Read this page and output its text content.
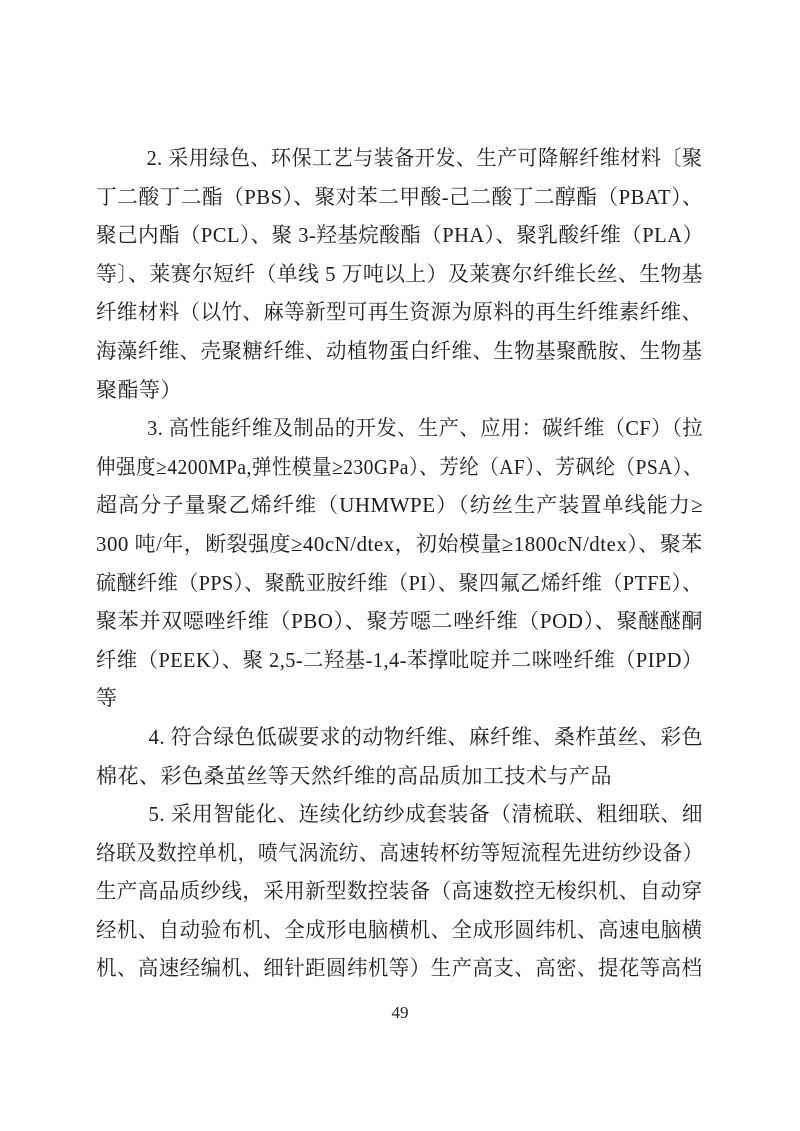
2. 采用绿色、环保工艺与装备开发、生产可降解纤维材料〔聚
丁二酸丁二酯（PBS）、聚对苯二甲酸-己二酸丁二醇酯（PBAT）、
聚己内酯（PCL）、聚 3-羟基烷酸酯（PHA）、聚乳酸纤维（PLA）
等〕、莱赛尔短纤（单线 5 万吨以上）及莱赛尔纤维长丝、生物基
纤维材料（以竹、麻等新型可再生资源为原料的再生纤维素纤维、
海藻纤维、壳聚糖纤维、动植物蛋白纤维、生物基聚酰胺、生物基
聚酯等）
3. 高性能纤维及制品的开发、生产、应用：碳纤维（CF）（拉
伸强度≥4200MPa,弹性模量≥230GPa）、芳纶（AF）、芳砜纶（PSA）、
超高分子量聚乙烯纤维（UHMWPE）（纺丝生产装置单线能力≥
300 吨/年，断裂强度≥40cN/dtex，初始模量≥1800cN/dtex）、聚苯
硫醚纤维（PPS）、聚酰亚胺纤维（PI）、聚四氟乙烯纤维（PTFE）、
聚苯并双噁唑纤维（PBO）、聚芳噁二唑纤维（POD）、聚醚醚酮
纤维（PEEK）、聚 2,5-二羟基-1,4-苯撑吡啶并二咪唑纤维（PIPD）
等
4. 符合绿色低碳要求的动物纤维、麻纤维、桑柞茧丝、彩色
棉花、彩色桑茧丝等天然纤维的高品质加工技术与产品
5. 采用智能化、连续化纺纱成套装备（清梳联、粗细联、细
络联及数控单机，喷气涡流纺、高速转杯纺等短流程先进纺纱设备）
生产高品质纱线，采用新型数控装备（高速数控无梭织机、自动穿
经机、自动验布机、全成形电脑横机、全成形圆纬机、高速电脑横
机、高速经编机、细针距圆纬机等）生产高支、高密、提花等高档
49
